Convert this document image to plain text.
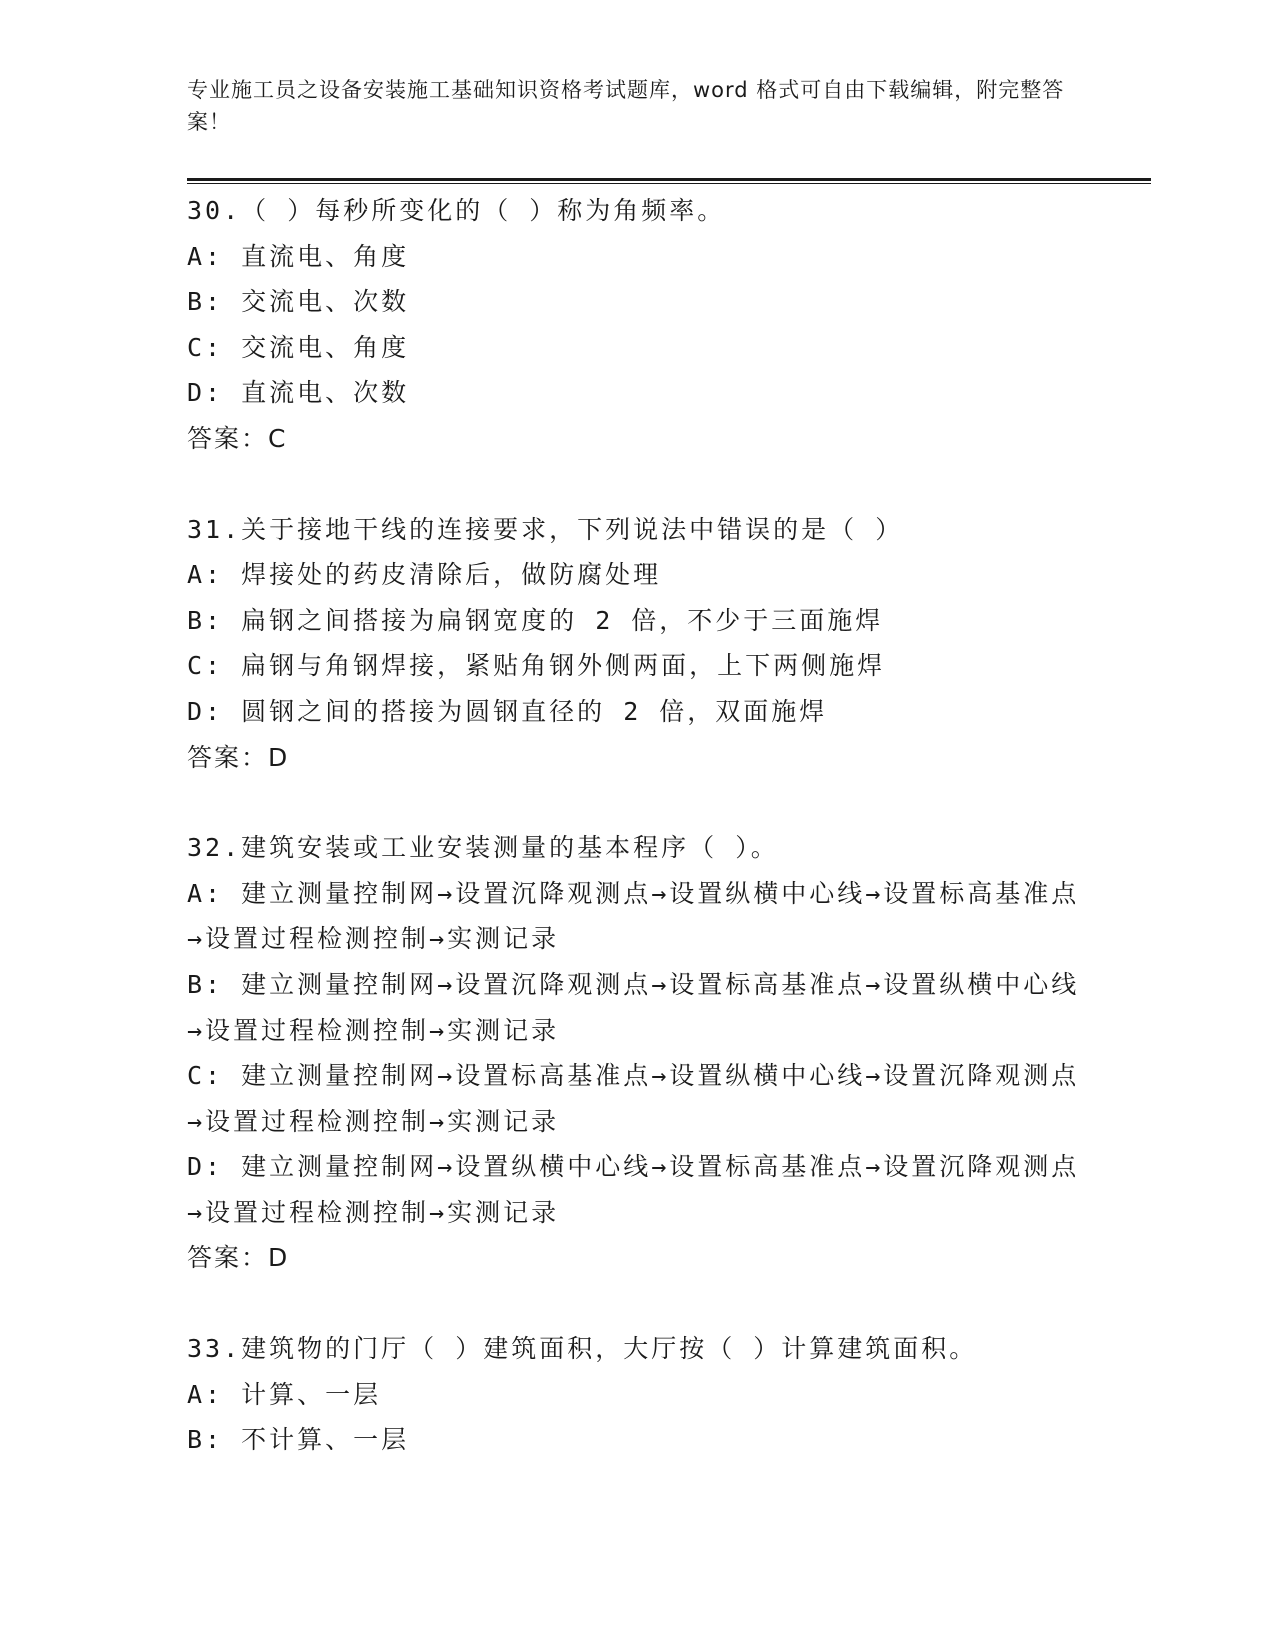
专业施工员之设备安装施工基础知识资格考试题库，word 格式可自由下载编辑，附完整答案！
30.（ ）每秒所变化的（ ）称为角频率。
A: 直流电、角度
B: 交流电、次数
C: 交流电、角度
D: 直流电、次数
答案：C
31.关于接地干线的连接要求，下列说法中错误的是（ ）
A: 焊接处的药皮清除后，做防腐处理
B: 扁钢之间搭接为扁钢宽度的 2 倍，不少于三面施焊
C: 扁钢与角钢焊接，紧贴角钢外侧两面，上下两侧施焊
D: 圆钢之间的搭接为圆钢直径的 2 倍，双面施焊
答案：D
32.建筑安装或工业安装测量的基本程序（ ）。
A: 建立测量控制网→设置沉降观测点→设置纵横中心线→设置标高基准点→设置过程检测控制→实测记录
B: 建立测量控制网→设置沉降观测点→设置标高基准点→设置纵横中心线→设置过程检测控制→实测记录
C: 建立测量控制网→设置标高基准点→设置纵横中心线→设置沉降观测点→设置过程检测控制→实测记录
D: 建立测量控制网→设置纵横中心线→设置标高基准点→设置沉降观测点→设置过程检测控制→实测记录
答案：D
33.建筑物的门厅（ ）建筑面积，大厅按（ ）计算建筑面积。
A: 计算、一层
B: 不计算、一层
